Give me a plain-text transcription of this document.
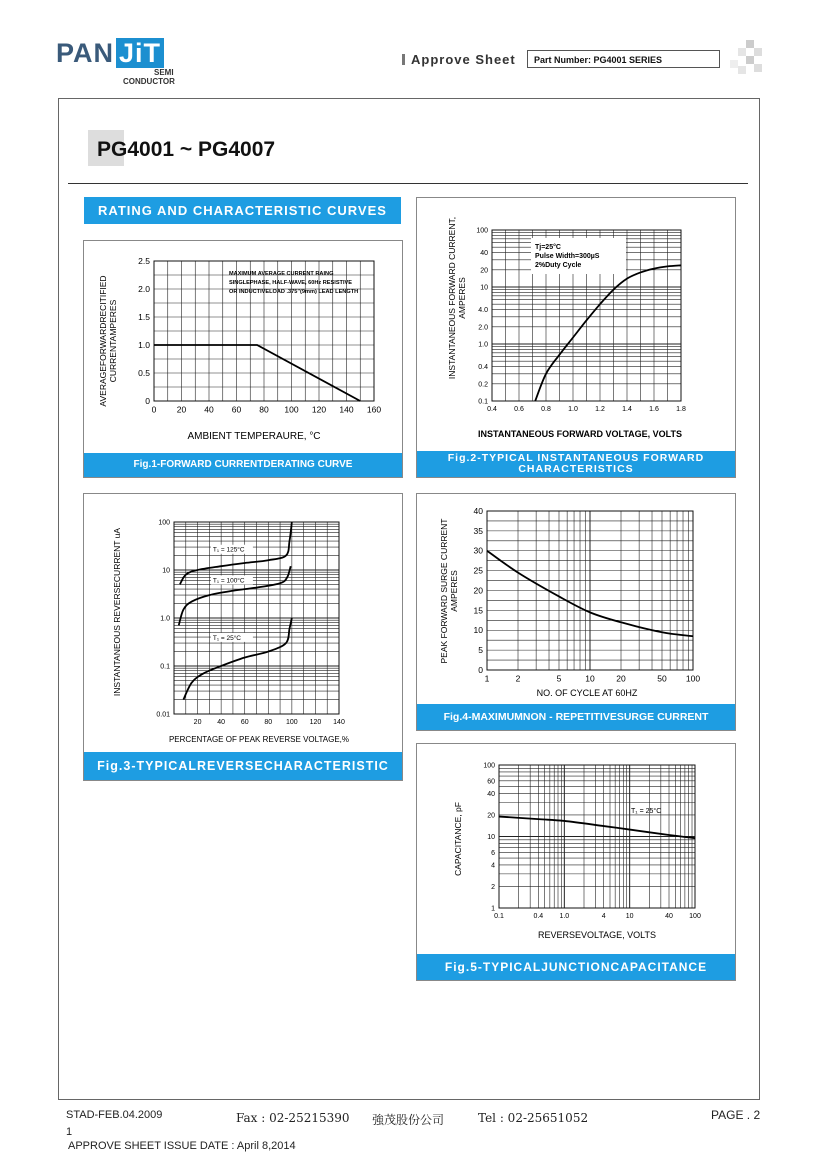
PAN JiT
SEMI
CONDUCTOR
Approve Sheet	Part Number: PG4001 SERIES
PG4001 ~ PG4007
RATING AND CHARACTERISTIC CURVES
AVERAGEFORWARDRECITIFIED CURRENTAMPERES
AMBIENT TEMPERAURE, °C
0 20 40 60 80 100 120 140 160
0
0.5
1.0
1.5
2.0
2.5
MAXIMUM AVERAGE CURRENT RAING
SINGLEPHASE, HALF-WAVE, 60Hz RESISTIVE
OR INDUCTIVELOAD .375"(9mm) LEAD LENGTH
Fig.1-FORWARD CURRENTDERATING CURVE
INSTANTANEOUS FORWARD CURRENT, AMPERES
INSTANTANEOUS FORWARD VOLTAGE, VOLTS
0.4 0.6 0.8 1.0 1.2 1.4 1.6 1.8
0.1
0.2
0.4
1.0
2.0
4.0
10
20
40
100
Tj=25°C
Pulse Width=300µS
2%Duty Cycle
Fig.2-TYPICAL INSTANTANEOUS FORWARD CHARACTERISTICS
INSTANTANEOUS REVERSECURRENT uA
PERCENTAGE OF PEAK REVERSE VOLTAGE,%
20 40 60 80 100 120 140
0.01
0.1
1.0
10
100
T₁ = 125°C
T₁ = 100°C
T₁ = 25°C
Fig.3-TYPICALREVERSECHARACTERISTIC
PEAK FORWARD SURGE CURRENT AMPERES
NO. OF CYCLE AT 60HZ
1	2	5	10	20	50 100
0
5
10
15
20
25
30
35
40
Fig.4-MAXIMUMNON - REPETITIVESURGE CURRENT
CAPACITANCE, pF
REVERSEVOLTAGE, VOLTS
0.1	0.4 1.0	4	10	40 100
1
2
4
6
10
20
40
60
100
T₁ = 25°C
Fig.5-TYPICALJUNCTIONCAPACITANCE
STAD-FEB.04.2009	Fax : 02-25215390 強茂股份公司	Tel : 02-25651052	PAGE . 2
1
APPROVE SHEET ISSUE DATE : April 8,2014
